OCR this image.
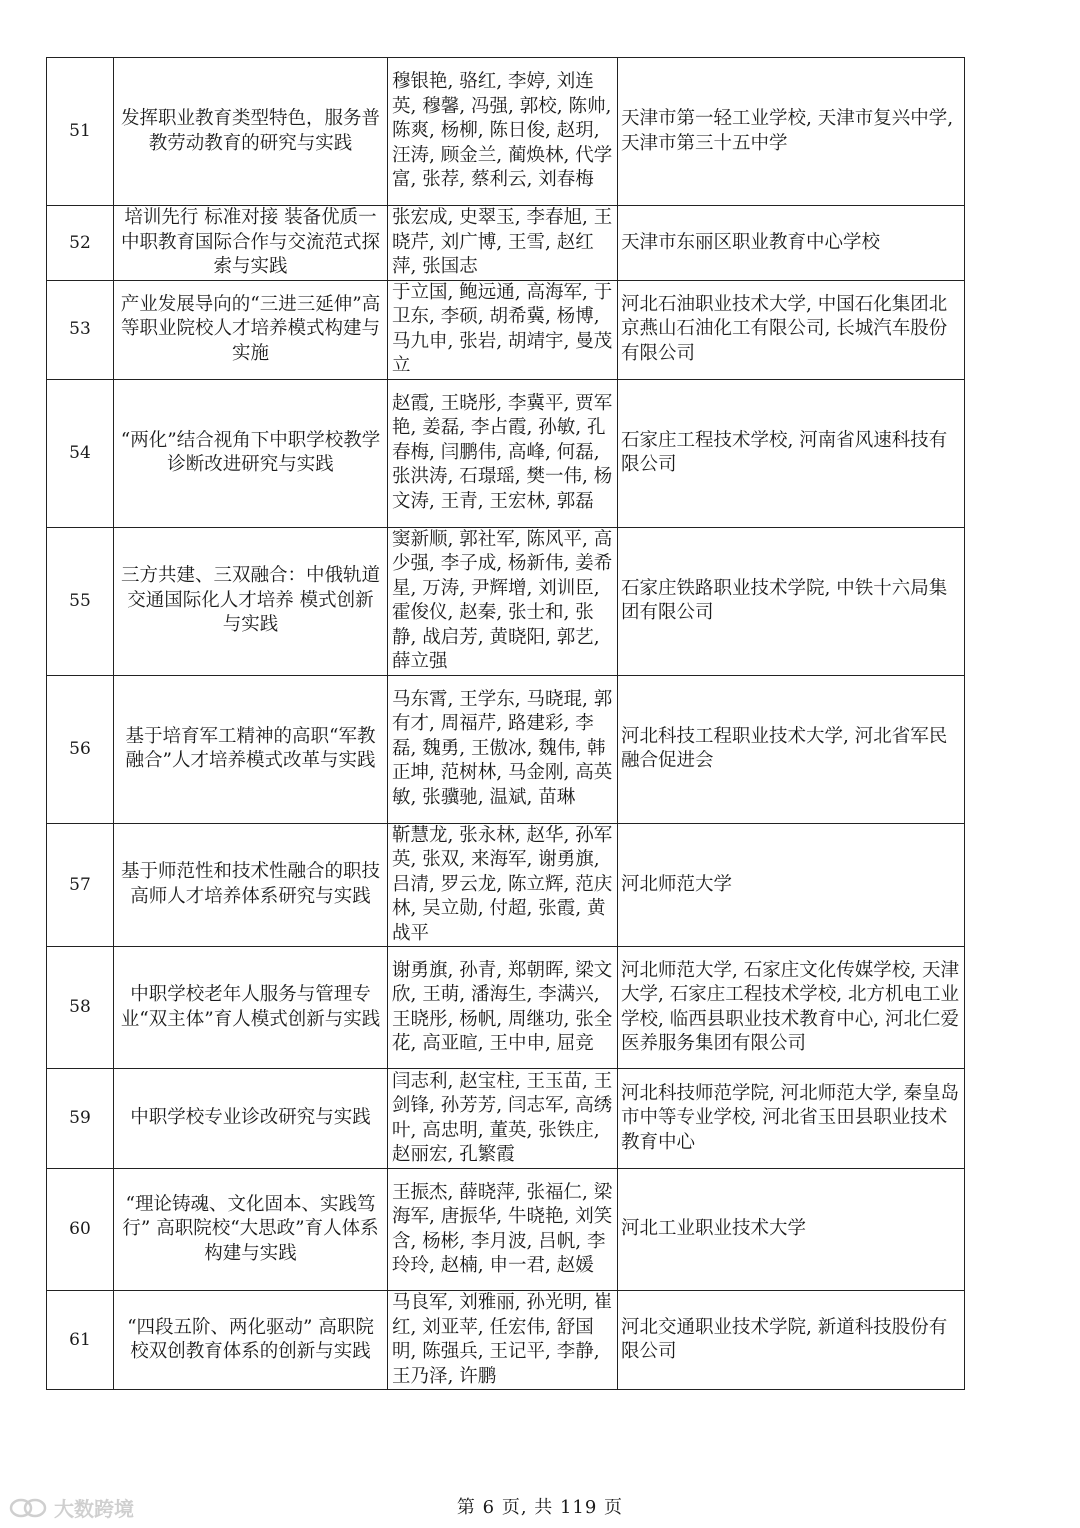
51	发挥职业教育类型特色，服务普教劳动教育的研究与实践	穆银艳, 骆红, 李婷, 刘连英, 穆馨, 冯强, 郭校, 陈帅, 陈爽, 杨柳, 陈日俊, 赵玥, 汪涛, 顾金兰, 蔺焕林, 代学富, 张荐, 蔡利云, 刘春梅	天津市第一轻工业学校, 天津市复兴中学, 天津市第三十五中学
52	培训先行 标准对接 装备优质一中职教育国际合作与交流范式探索与实践	张宏成, 史翠玉, 李春旭, 王晓芹, 刘广博, 王雪, 赵红萍, 张国志	天津市东丽区职业教育中心学校
53	产业发展导向的“三进三延伸”高等职业院校人才培养模式构建与实施	于立国, 鲍远通, 高海军, 于卫东, 李硕, 胡希冀, 杨博, 马九申, 张岩, 胡靖宇, 曼茂立	河北石油职业技术大学, 中国石化集团北京燕山石油化工有限公司, 长城汽车股份有限公司
54	“两化”结合视角下中职学校教学诊断改进研究与实践	赵霞, 王晓彤, 李冀平, 贾军艳, 姜磊, 李占霞, 孙敏, 孔春梅, 闫鹏伟, 高峰, 何磊, 张洪涛, 石璟瑶, 樊一伟, 杨文涛, 王青, 王宏林, 郭磊	石家庄工程技术学校, 河南省风速科技有限公司
55	三方共建、三双融合：中俄轨道交通国际化人才培养 模式创新与实践	窦新顺, 郭社军, 陈风平, 高少强, 李子成, 杨新伟, 姜希星, 万涛, 尹辉增, 刘训臣, 霍俊仪, 赵秦, 张士和, 张静, 战启芳, 黄晓阳, 郭艺, 薛立强	石家庄铁路职业技术学院, 中铁十六局集团有限公司
56	基于培育军工精神的高职“军教融合”人才培养模式改革与实践	马东霄, 王学东, 马晓琨, 郭有才, 周福芹, 路建彩, 李磊, 魏勇, 王傲冰, 魏伟, 韩正坤, 范树林, 马金刚, 高英敏, 张骥驰, 温斌, 苗琳	河北科技工程职业技术大学, 河北省军民融合促进会
57	基于师范性和技术性融合的职技高师人才培养体系研究与实践	靳慧龙, 张永林, 赵华, 孙军英, 张双, 来海军, 谢勇旗, 吕清, 罗云龙, 陈立辉, 范庆林, 吴立勋, 付超, 张霞, 黄战平	河北师范大学
58	中职学校老年人服务与管理专业“双主体”育人模式创新与实践	谢勇旗, 孙青, 郑朝晖, 梁文欣, 王萌, 潘海生, 李满兴, 王晓彤, 杨帆, 周继功, 张全花, 高亚暄, 王中申, 屈竞	河北师范大学, 石家庄文化传媒学校, 天津大学, 石家庄工程技术学校, 北方机电工业学校, 临西县职业技术教育中心, 河北仁爱医养服务集团有限公司
59	中职学校专业诊改研究与实践	闫志利, 赵宝柱, 王玉苗, 王剑锋, 孙芳芳, 闫志军, 高绣叶, 高忠明, 董英, 张铁庄, 赵丽宏, 孔繁霞	河北科技师范学院, 河北师范大学, 秦皇岛市中等专业学校, 河北省玉田县职业技术教育中心
60	“理论铸魂、文化固本、实践笃行” 高职院校“大思政”育人体系构建与实践	王振杰, 薛晓萍, 张福仁, 梁海军, 唐振华, 牛晓艳, 刘笑含, 杨彬, 李月波, 吕帆, 李玲玲, 赵楠, 申一君, 赵媛	河北工业职业技术大学
61	“四段五阶、两化驱动” 高职院校双创教育体系的创新与实践	马良军, 刘雅丽, 孙光明, 崔红, 刘亚苹, 任宏伟, 舒国明, 陈强兵, 王记平, 李静, 王乃泽, 许鹏	河北交通职业技术学院, 新道科技股份有限公司
大数跨境	第 6 页, 共 119 页
